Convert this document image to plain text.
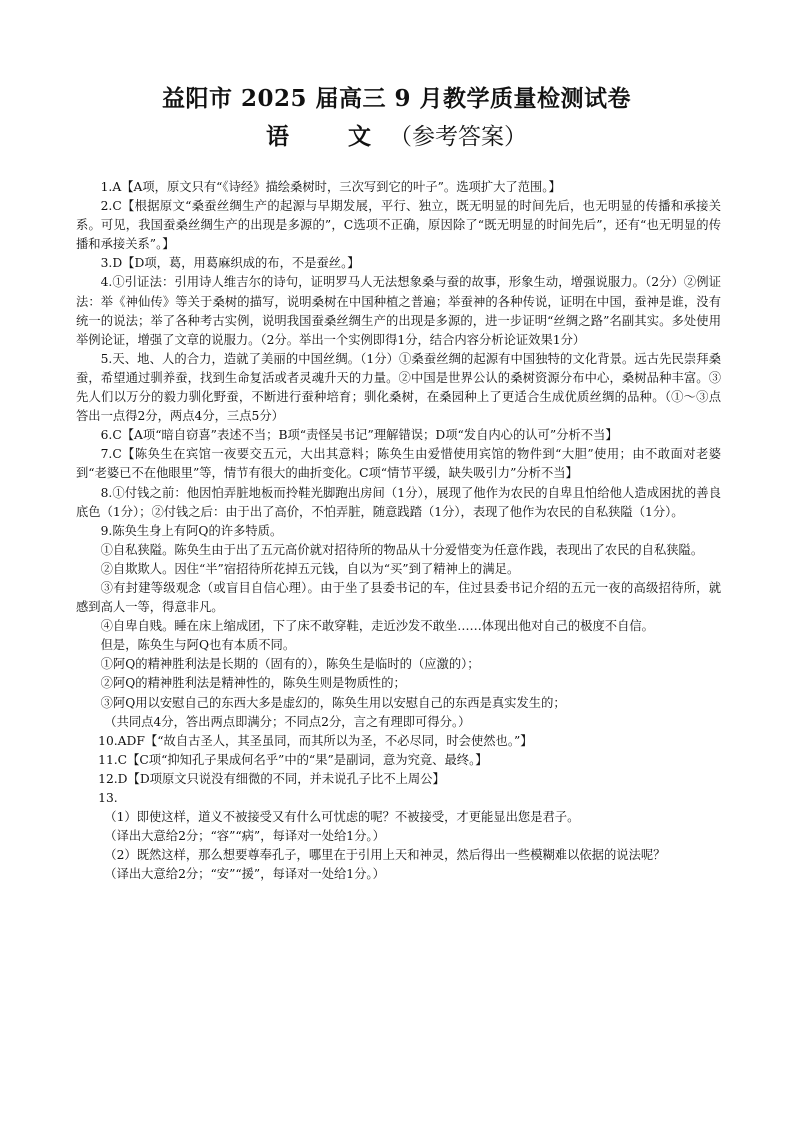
益阳市 2025 届高三 9 月教学质量检测试卷
语　文（参考答案）

1.A【A项，原文只有“《诗经》描绘桑树时，三次写到它的叶子”。选项扩大了范围。】

2.C【根据原文“桑蚕丝绸生产的起源与早期发展，平行、独立，既无明显的时间先后，也无明显的传播和承接关系。可见，我国蚕桑丝绸生产的出现是多源的”，C选项不正确，原因除了“既无明显的时间先后”，还有“也无明显的传播和承接关系”。】

3.D【D项，葛，用葛麻织成的布，不是蚕丝。】

4.①引证法：引用诗人维吉尔的诗句，证明罗马人无法想象桑与蚕的故事，形象生动，增强说服力。（2分）②例证法：举《神仙传》等关于桑树的描写，说明桑树在中国种植之普遍；举蚕神的各种传说，证明在中国，蚕神是谁，没有统一的说法；举了各种考古实例，说明我国蚕桑丝绸生产的出现是多源的，进一步证明“丝绸之路”名副其实。多处使用举例论证，增强了文章的说服力。（2分。举出一个实例即得1分，结合内容分析论证效果1分）

5.天、地、人的合力，造就了美丽的中国丝绸。（1分）①桑蚕丝绸的起源有中国独特的文化背景。远古先民崇拜桑蚕，希望通过驯养蚕，找到生命复活或者灵魂升天的力量。②中国是世界公认的桑树资源分布中心，桑树品种丰富。③先人们以万分的毅力驯化野蚕，不断进行蚕种培育；驯化桑树，在桑园种上了更适合生成优质丝绸的品种。（①～③点答出一点得2分，两点4分，三点5分）

6.C【A项“暗自窃喜”表述不当；B项“责怪吴书记”理解错误；D项“发自内心的认可”分析不当】

7.C【陈奂生在宾馆一夜要交五元，大出其意料；陈奂生由爱惜使用宾馆的物件到“大胆”使用；由不敢面对老婆到“老婆已不在他眼里”等，情节有很大的曲折变化。C项“情节平缓，缺失吸引力”分析不当】

8.①付钱之前：他因怕弄脏地板而拎鞋光脚跑出房间（1分），展现了他作为农民的自卑且怕给他人造成困扰的善良底色（1分）；②付钱之后：由于出了高价，不怕弄脏，随意践踏（1分），表现了他作为农民的自私狭隘（1分）。

9.陈奂生身上有阿Q的许多特质。

①自私狭隘。陈奂生由于出了五元高价就对招待所的物品从十分爱惜变为任意作践，表现出了农民的自私狭隘。

②自欺欺人。因住“半”宿招待所花掉五元钱，自以为“买”到了精神上的满足。

③有封建等级观念（或盲目自信心理）。由于坐了县委书记的车，住过县委书记介绍的五元一夜的高级招待所，就感到高人一等，得意非凡。

④自卑自贱。睡在床上缩成团，下了床不敢穿鞋，走近沙发不敢坐……体现出他对自己的极度不自信。

但是，陈奂生与阿Q也有本质不同。

①阿Q的精神胜利法是长期的（固有的），陈奂生是临时的（应激的）；

②阿Q的精神胜利法是精神性的，陈奂生则是物质性的；

③阿Q用以安慰自己的东西大多是虚幻的，陈奂生用以安慰自己的东西是真实发生的；

（共同点4分，答出两点即满分；不同点2分，言之有理即可得分。）

10.ADF【“故自古圣人，其圣虽同，而其所以为圣，不必尽同，时会使然也。”】

11.C【C项“抑知孔子果成何名乎”中的“果”是副词，意为究竟、最终。】

12.D【D项原文只说没有细微的不同，并未说孔子比不上周公】

13.

（1）即使这样，道义不被接受又有什么可忧虑的呢？不被接受，才更能显出您是君子。

（译出大意给2分；“容”“病”，每译对一处给1分。）

（2）既然这样，那么想要尊奉孔子，哪里在于引用上天和神灵，然后得出一些模糊难以依据的说法呢？

（译出大意给2分；“安”“援”，每译对一处给1分。）
